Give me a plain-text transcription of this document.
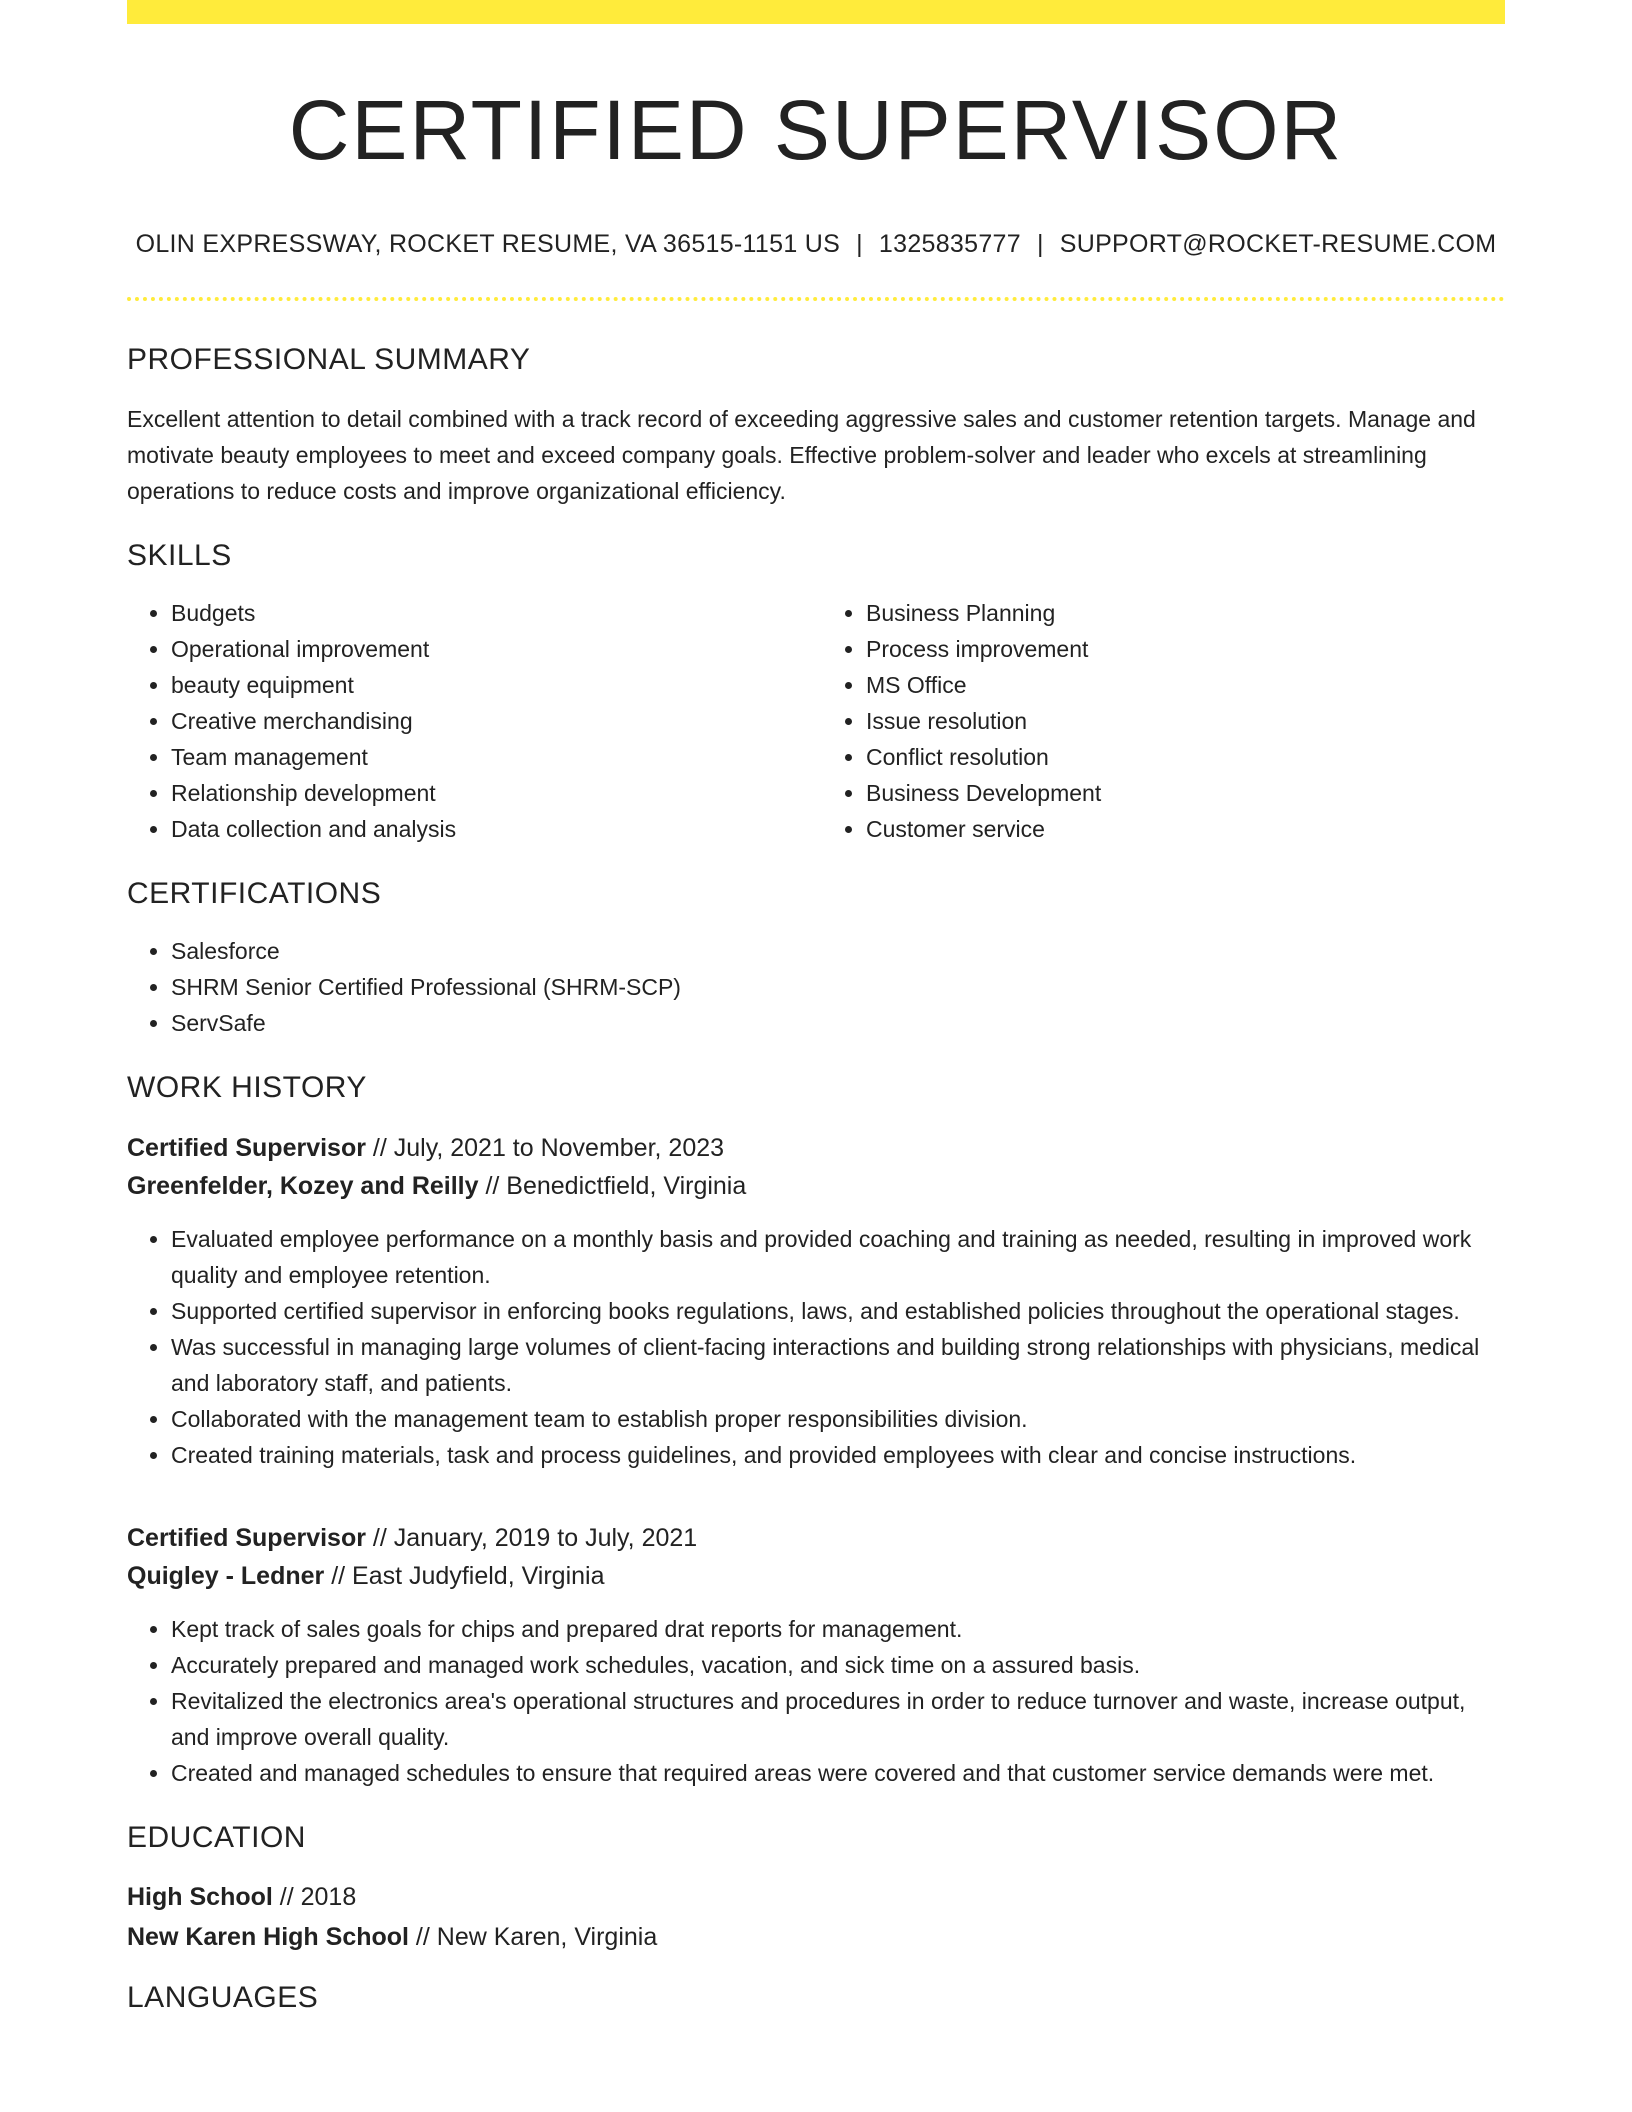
CERTIFIED SUPERVISOR
OLIN EXPRESSWAY, ROCKET RESUME, VA 36515-1151 US | 1325835777 | SUPPORT@ROCKET-RESUME.COM
PROFESSIONAL SUMMARY

Excellent attention to detail combined with a track record of exceeding aggressive sales and customer retention targets. Manage and motivate beauty employees to meet and exceed company goals. Effective problem-solver and leader who excels at streamlining operations to reduce costs and improve organizational efficiency.

SKILLS
• Budgets
• Operational improvement
• beauty equipment
• Creative merchandising
• Team management
• Relationship development
• Data collection and analysis
• Business Planning
• Process improvement
• MS Office
• Issue resolution
• Conflict resolution
• Business Development
• Customer service
CERTIFICATIONS
• Salesforce
• SHRM Senior Certified Professional (SHRM-SCP)
• ServSafe
WORK HISTORY
Certified Supervisor // July, 2021 to November, 2023
Greenfelder, Kozey and Reilly // Benedictfield, Virginia
• Evaluated employee performance on a monthly basis and provided coaching and training as needed, resulting in improved work quality and employee retention.
• Supported certified supervisor in enforcing books regulations, laws, and established policies throughout the operational stages.
• Was successful in managing large volumes of client-facing interactions and building strong relationships with physicians, medical and laboratory staff, and patients.
• Collaborated with the management team to establish proper responsibilities division.
• Created training materials, task and process guidelines, and provided employees with clear and concise instructions.
Certified Supervisor // January, 2019 to July, 2021
Quigley - Ledner // East Judyfield, Virginia
• Kept track of sales goals for chips and prepared drat reports for management.
• Accurately prepared and managed work schedules, vacation, and sick time on a assured basis.
• Revitalized the electronics area's operational structures and procedures in order to reduce turnover and waste, increase output, and improve overall quality.
• Created and managed schedules to ensure that required areas were covered and that customer service demands were met.
EDUCATION
High School // 2018
New Karen High School // New Karen, Virginia
LANGUAGES
